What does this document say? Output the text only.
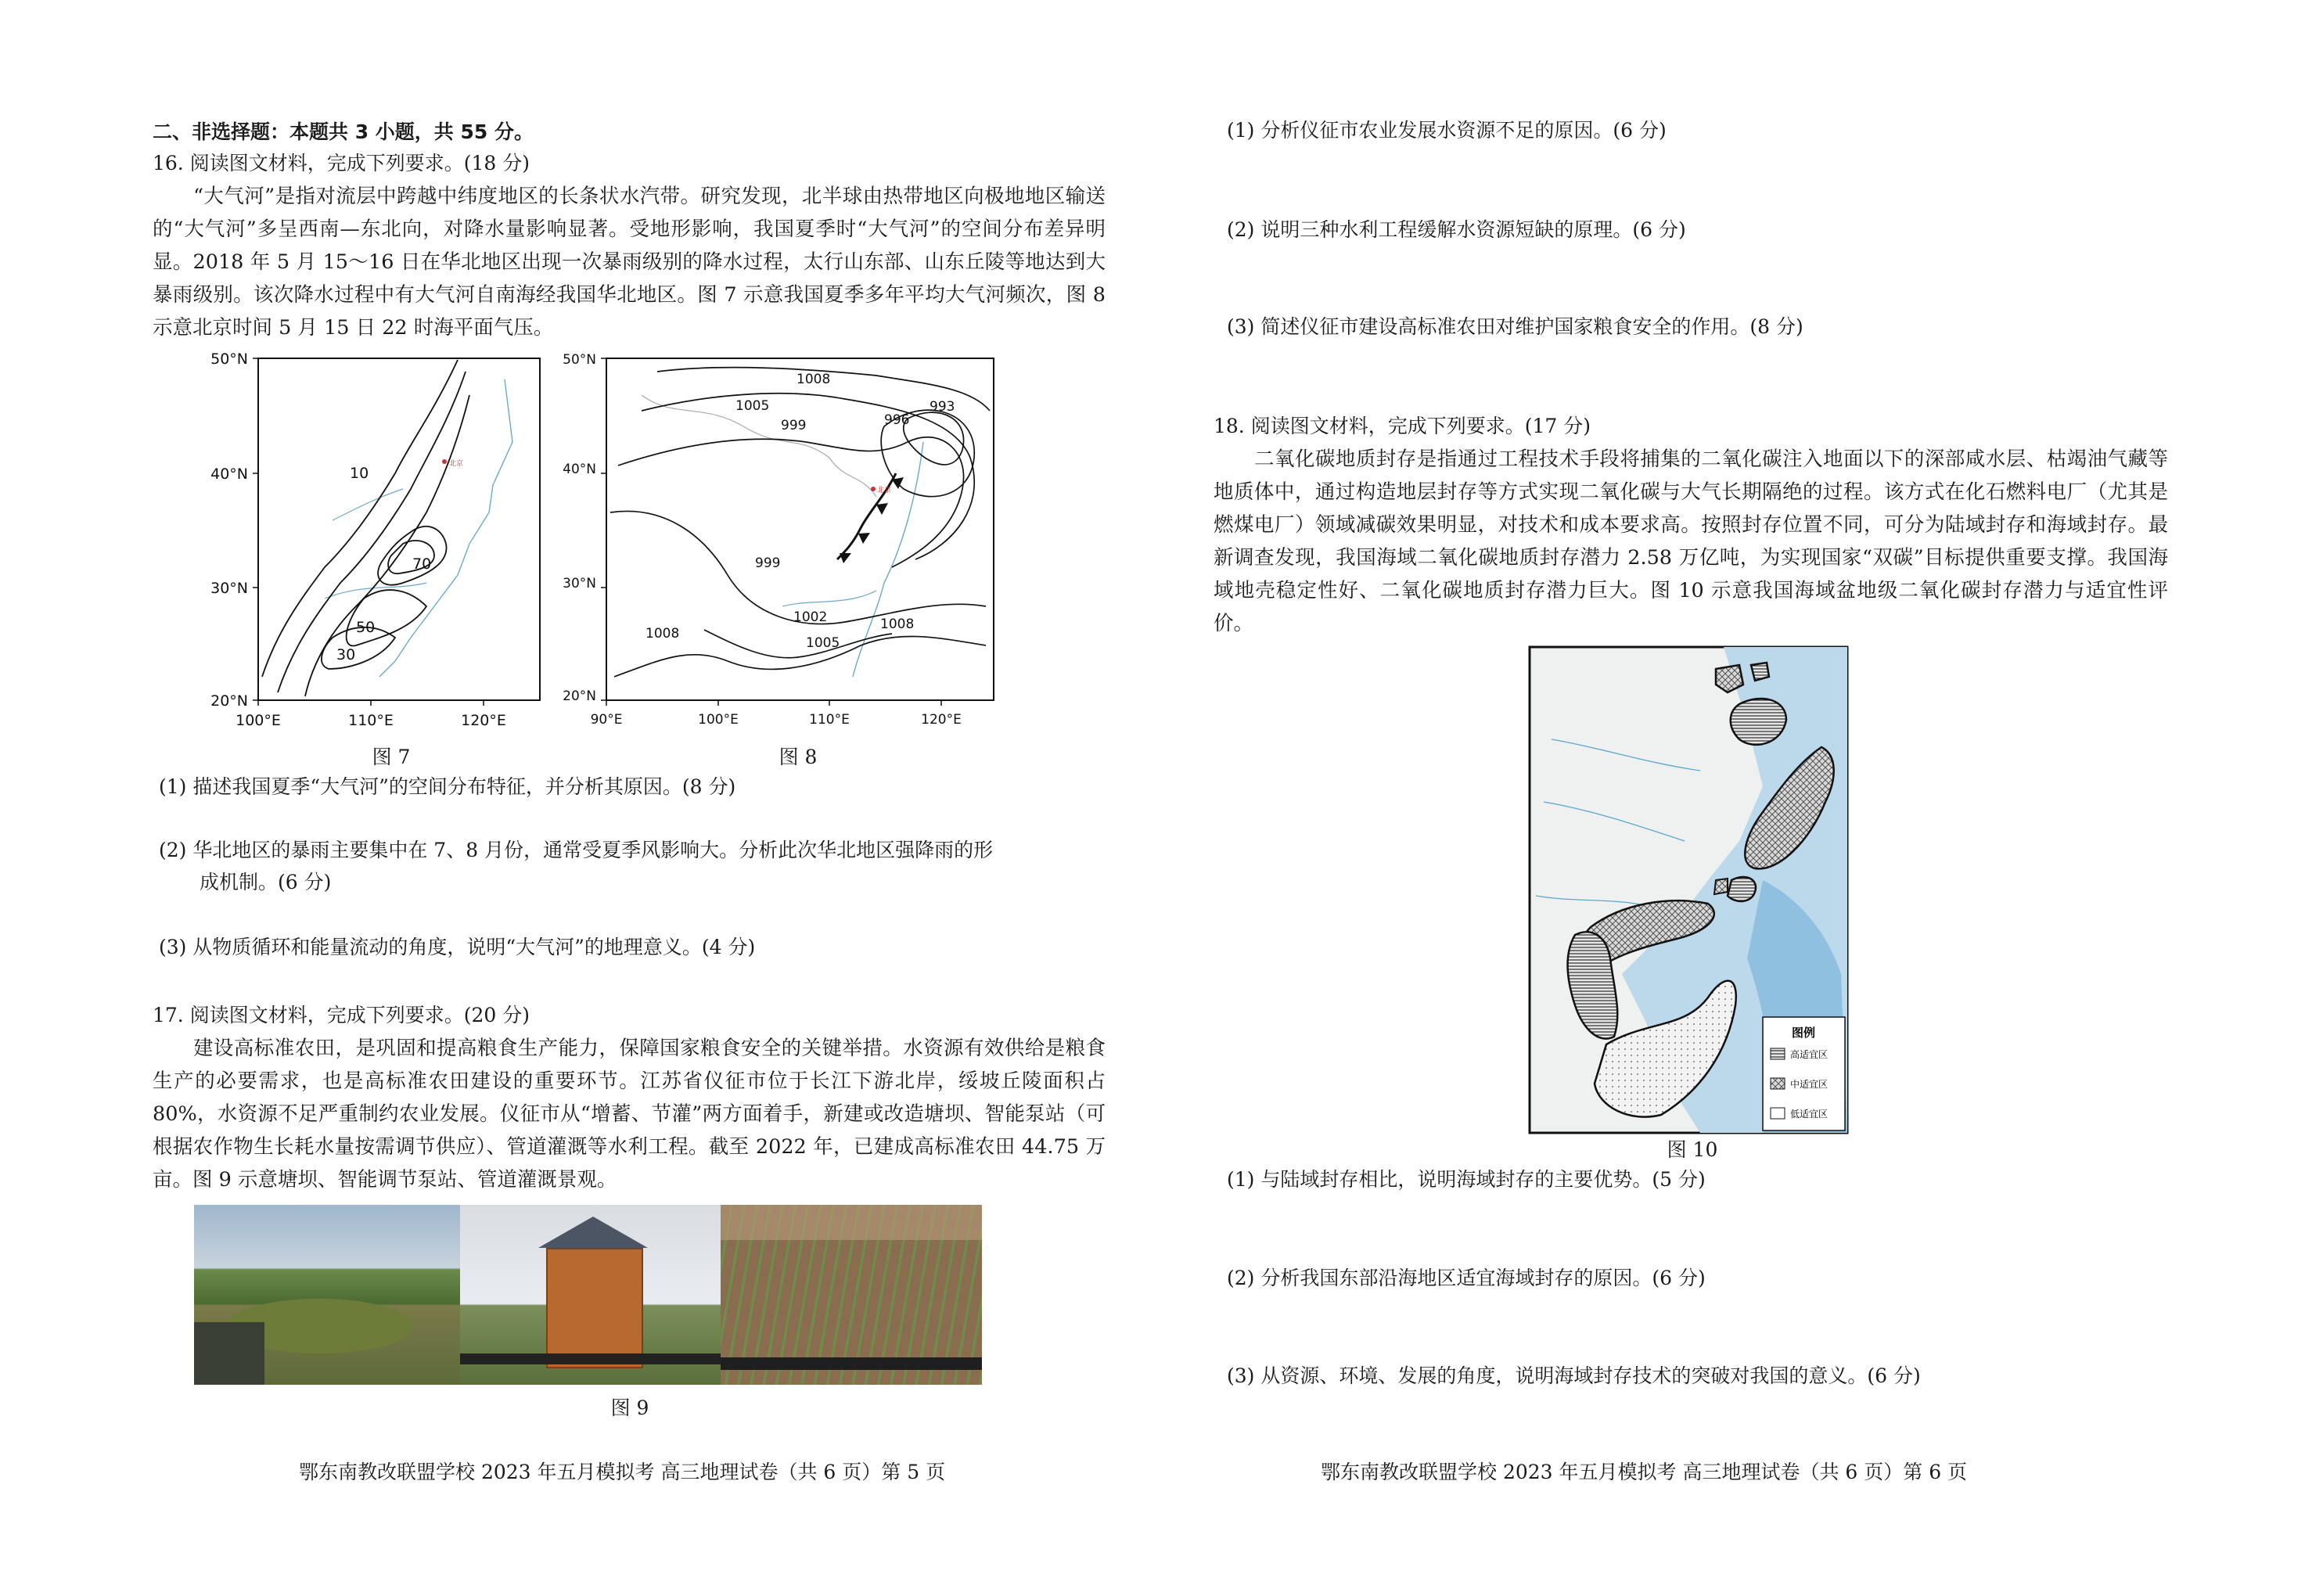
二、非选择题：本题共 3 小题，共 55 分。
16. 阅读图文材料，完成下列要求。(18 分)
“大气河”是指对流层中跨越中纬度地区的长条状水汽带。研究发现，北半球由热带地区向极地地区输送的“大气河”多呈西南—东北向，对降水量影响显著。受地形影响，我国夏季时“大气河”的空间分布差异明显。2018 年 5 月 15～16 日在华北地区出现一次暴雨级别的降水过程，太行山东部、山东丘陵等地达到大暴雨级别。该次降水过程中有大气河自南海经我国华北地区。图 7 示意我国夏季多年平均大气河频次，图 8 示意北京时间 5 月 15 日 22 时海平面气压。
50°N
40°N
30°N
20°N
100°E	110°E	120°E
10
70
50
30
北京
图 7
50°N
40°N
30°N
20°N
90°E	100°E	110°E	120°E
北京
1008
1005
999	996
993
999
1002
1005
1008
1008
图 8
(1) 描述我国夏季“大气河”的空间分布特征，并分析其原因。(8 分)
(2) 华北地区的暴雨主要集中在 7、8 月份，通常受夏季风影响大。分析此次华北地区强降雨的形
成机制。(6 分)
(3) 从物质循环和能量流动的角度，说明“大气河”的地理意义。(4 分)
17. 阅读图文材料，完成下列要求。(20 分)
建设高标准农田，是巩固和提高粮食生产能力，保障国家粮食安全的关键举措。水资源有效供给是粮食生产的必要需求，也是高标准农田建设的重要环节。江苏省仪征市位于长江下游北岸，绥坡丘陵面积占 80%，水资源不足严重制约农业发展。仪征市从“增蓄、节灌”两方面着手，新建或改造塘坝、智能泵站（可根据农作物生长耗水量按需调节供应）、管道灌溉等水利工程。截至 2022 年，已建成高标准农田 44.75 万亩。图 9 示意塘坝、智能调节泵站、管道灌溉景观。
图 9
鄂东南教改联盟学校 2023 年五月模拟考 高三地理试卷（共 6 页）第 5 页
(1) 分析仪征市农业发展水资源不足的原因。(6 分)
(2) 说明三种水利工程缓解水资源短缺的原理。(6 分)
(3) 简述仪征市建设高标准农田对维护国家粮食安全的作用。(8 分)
18. 阅读图文材料，完成下列要求。(17 分)
二氧化碳地质封存是指通过工程技术手段将捕集的二氧化碳注入地面以下的深部咸水层、枯竭油气藏等地质体中，通过构造地层封存等方式实现二氧化碳与大气长期隔绝的过程。该方式在化石燃料电厂（尤其是燃煤电厂）领域减碳效果明显，对技术和成本要求高。按照封存位置不同，可分为陆域封存和海域封存。最新调查发现，我国海域二氧化碳地质封存潜力 2.58 万亿吨，为实现国家“双碳”目标提供重要支撑。我国海域地壳稳定性好、二氧化碳地质封存潜力巨大。图 10 示意我国海域盆地级二氧化碳封存潜力与适宜性评价。
图例
高适宜区
中适宜区
低适宜区
图 10
(1) 与陆域封存相比，说明海域封存的主要优势。(5 分)
(2) 分析我国东部沿海地区适宜海域封存的原因。(6 分)
(3) 从资源、环境、发展的角度，说明海域封存技术的突破对我国的意义。(6 分)
鄂东南教改联盟学校 2023 年五月模拟考 高三地理试卷（共 6 页）第 6 页
